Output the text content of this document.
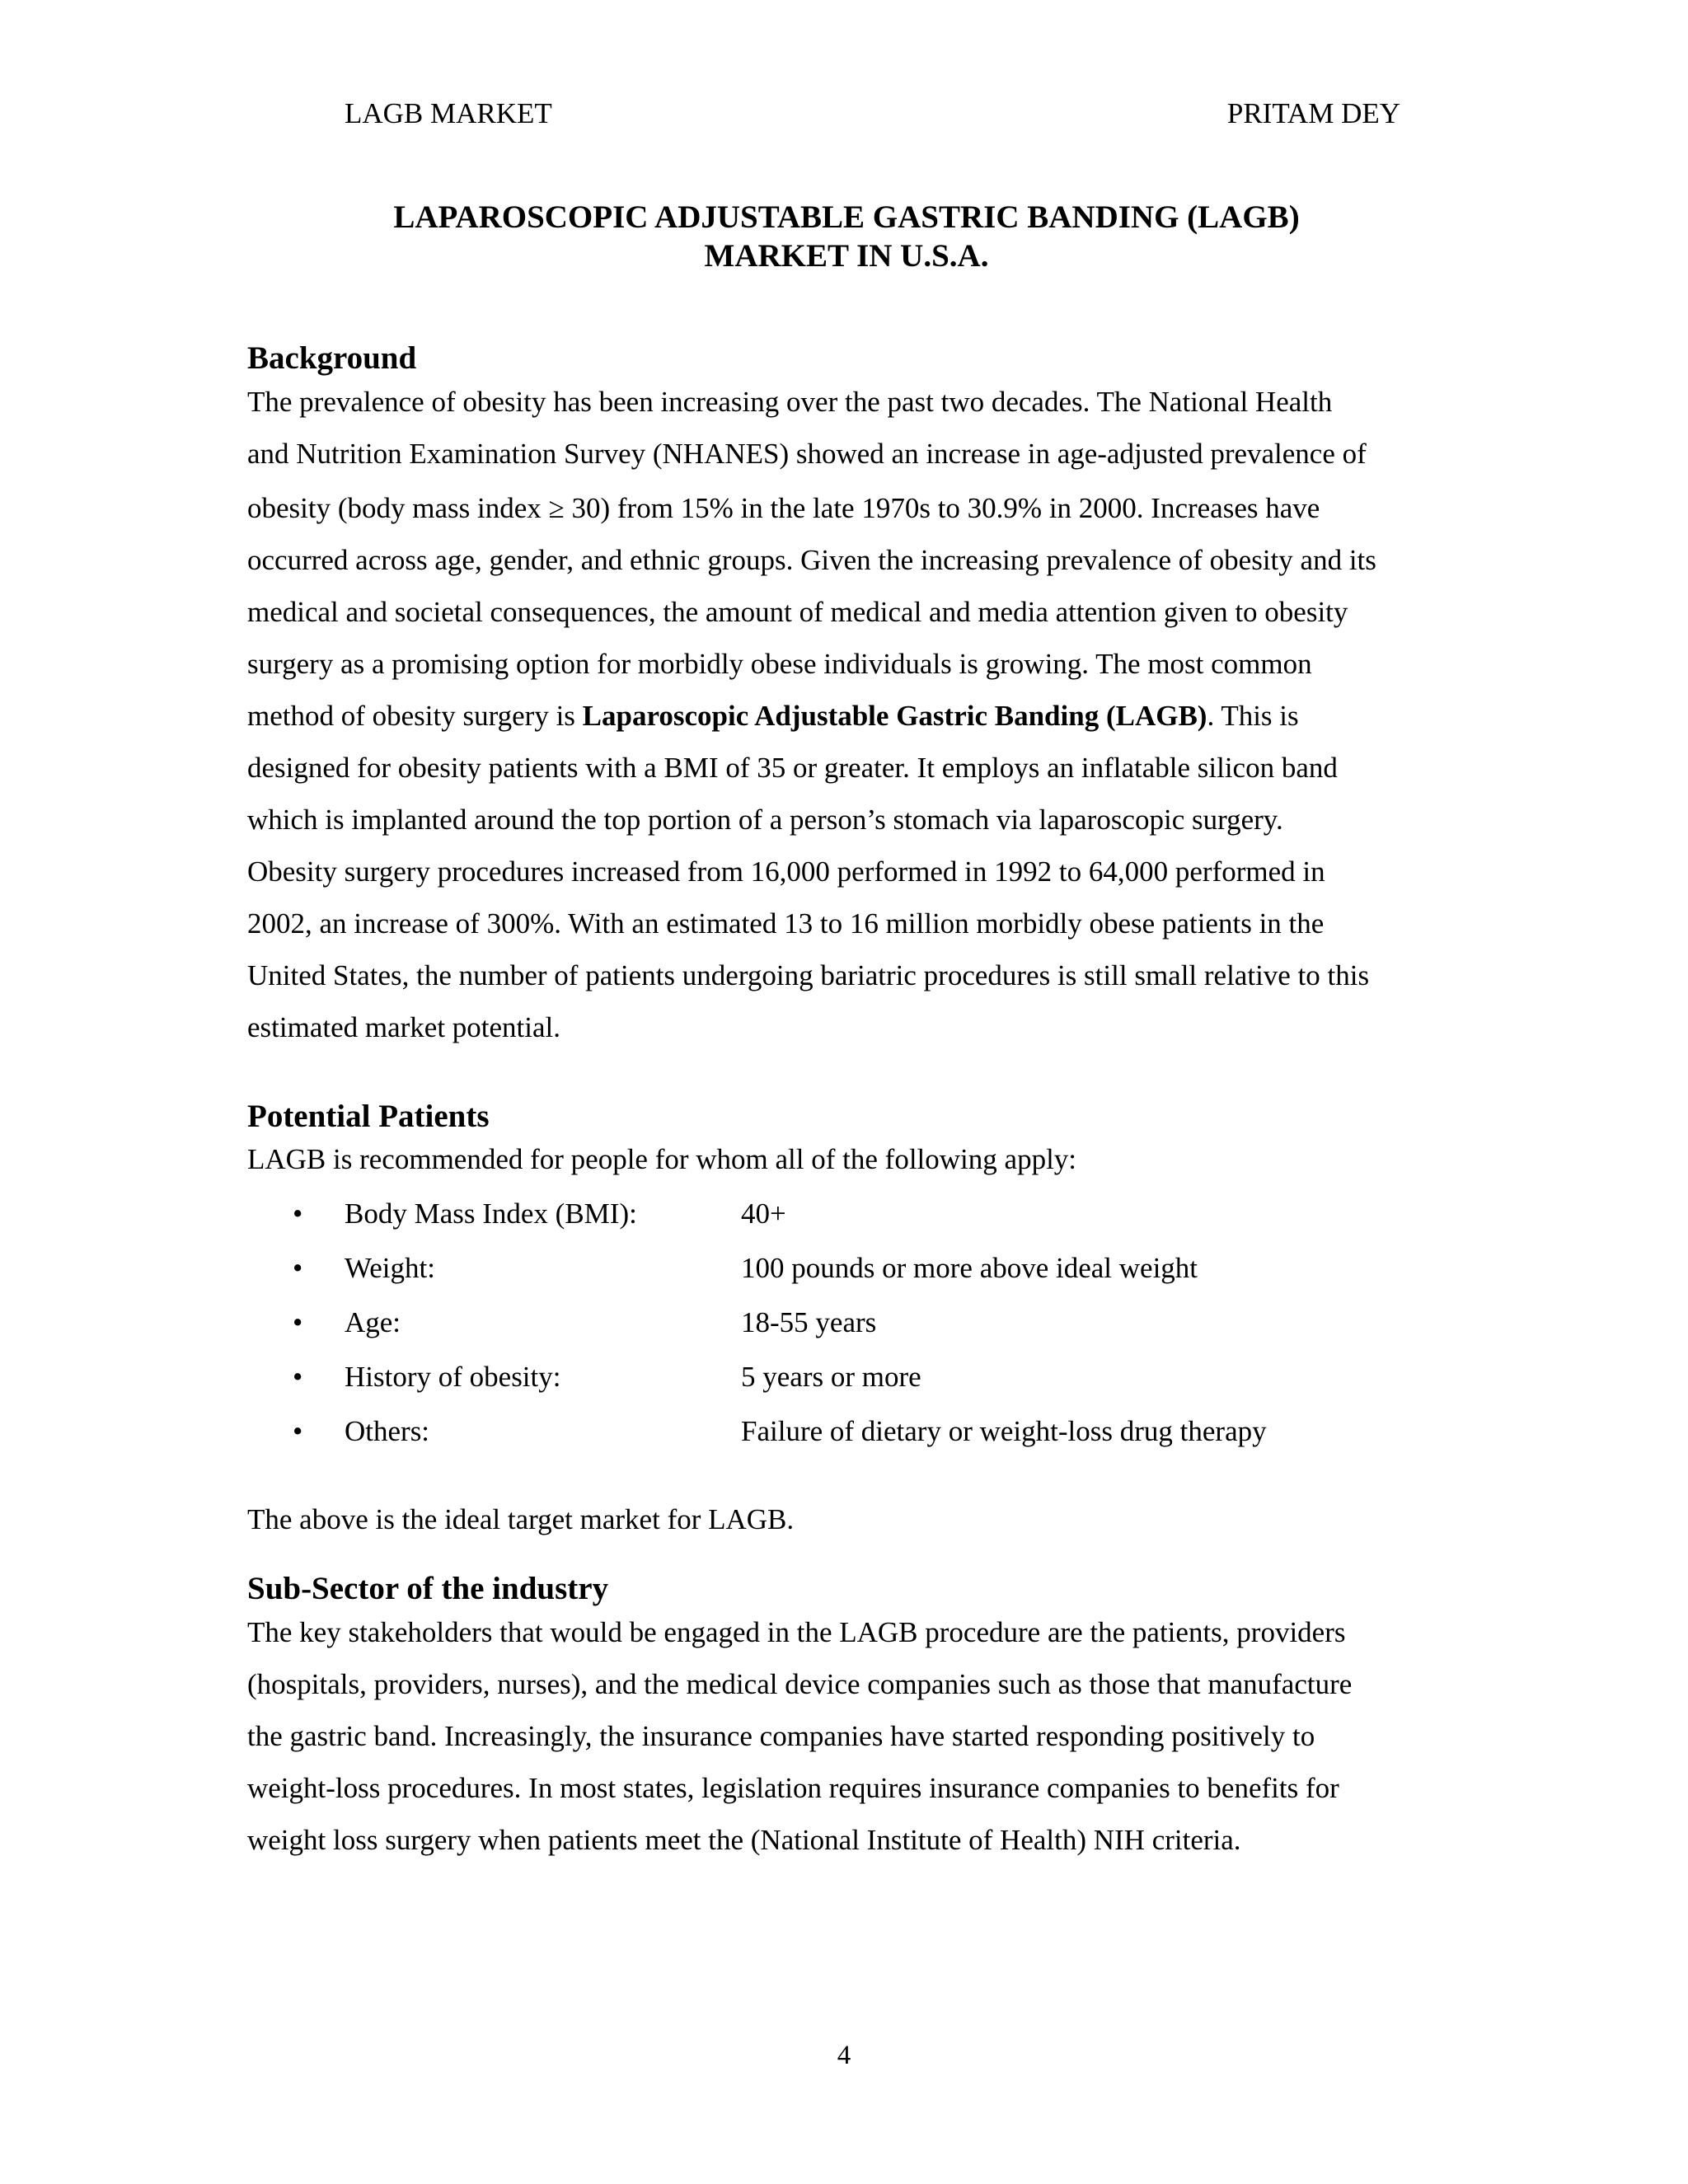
LAGB MARKET	PRITAM DEY
LAPAROSCOPIC ADJUSTABLE GASTRIC BANDING (LAGB)
MARKET IN U.S.A.
Background
The prevalence of obesity has been increasing over the past two decades. The National Health
and Nutrition Examination Survey (NHANES) showed an increase in age-adjusted prevalence of
obesity (body mass index ≥ 30) from 15% in the late 1970s to 30.9% in 2000. Increases have
occurred across age, gender, and ethnic groups. Given the increasing prevalence of obesity and its
medical and societal consequences, the amount of medical and media attention given to obesity
surgery as a promising option for morbidly obese individuals is growing. The most common
method of obesity surgery is Laparoscopic Adjustable Gastric Banding (LAGB). This is
designed for obesity patients with a BMI of 35 or greater. It employs an inflatable silicon band
which is implanted around the top portion of a person’s stomach via laparoscopic surgery.
Obesity surgery procedures increased from 16,000 performed in 1992 to 64,000 performed in
2002, an increase of 300%. With an estimated 13 to 16 million morbidly obese patients in the
United States, the number of patients undergoing bariatric procedures is still small relative to this
estimated market potential.
Potential Patients
LAGB is recommended for people for whom all of the following apply:
• Body Mass Index (BMI):	40+
• Weight:	100 pounds or more above ideal weight
• Age:	18-55 years
• History of obesity:	5 years or more
• Others:	Failure of dietary or weight-loss drug therapy
The above is the ideal target market for LAGB.
Sub-Sector of the industry
The key stakeholders that would be engaged in the LAGB procedure are the patients, providers
(hospitals, providers, nurses), and the medical device companies such as those that manufacture
the gastric band. Increasingly, the insurance companies have started responding positively to
weight-loss procedures. In most states, legislation requires insurance companies to benefits for
weight loss surgery when patients meet the (National Institute of Health) NIH criteria.
4
